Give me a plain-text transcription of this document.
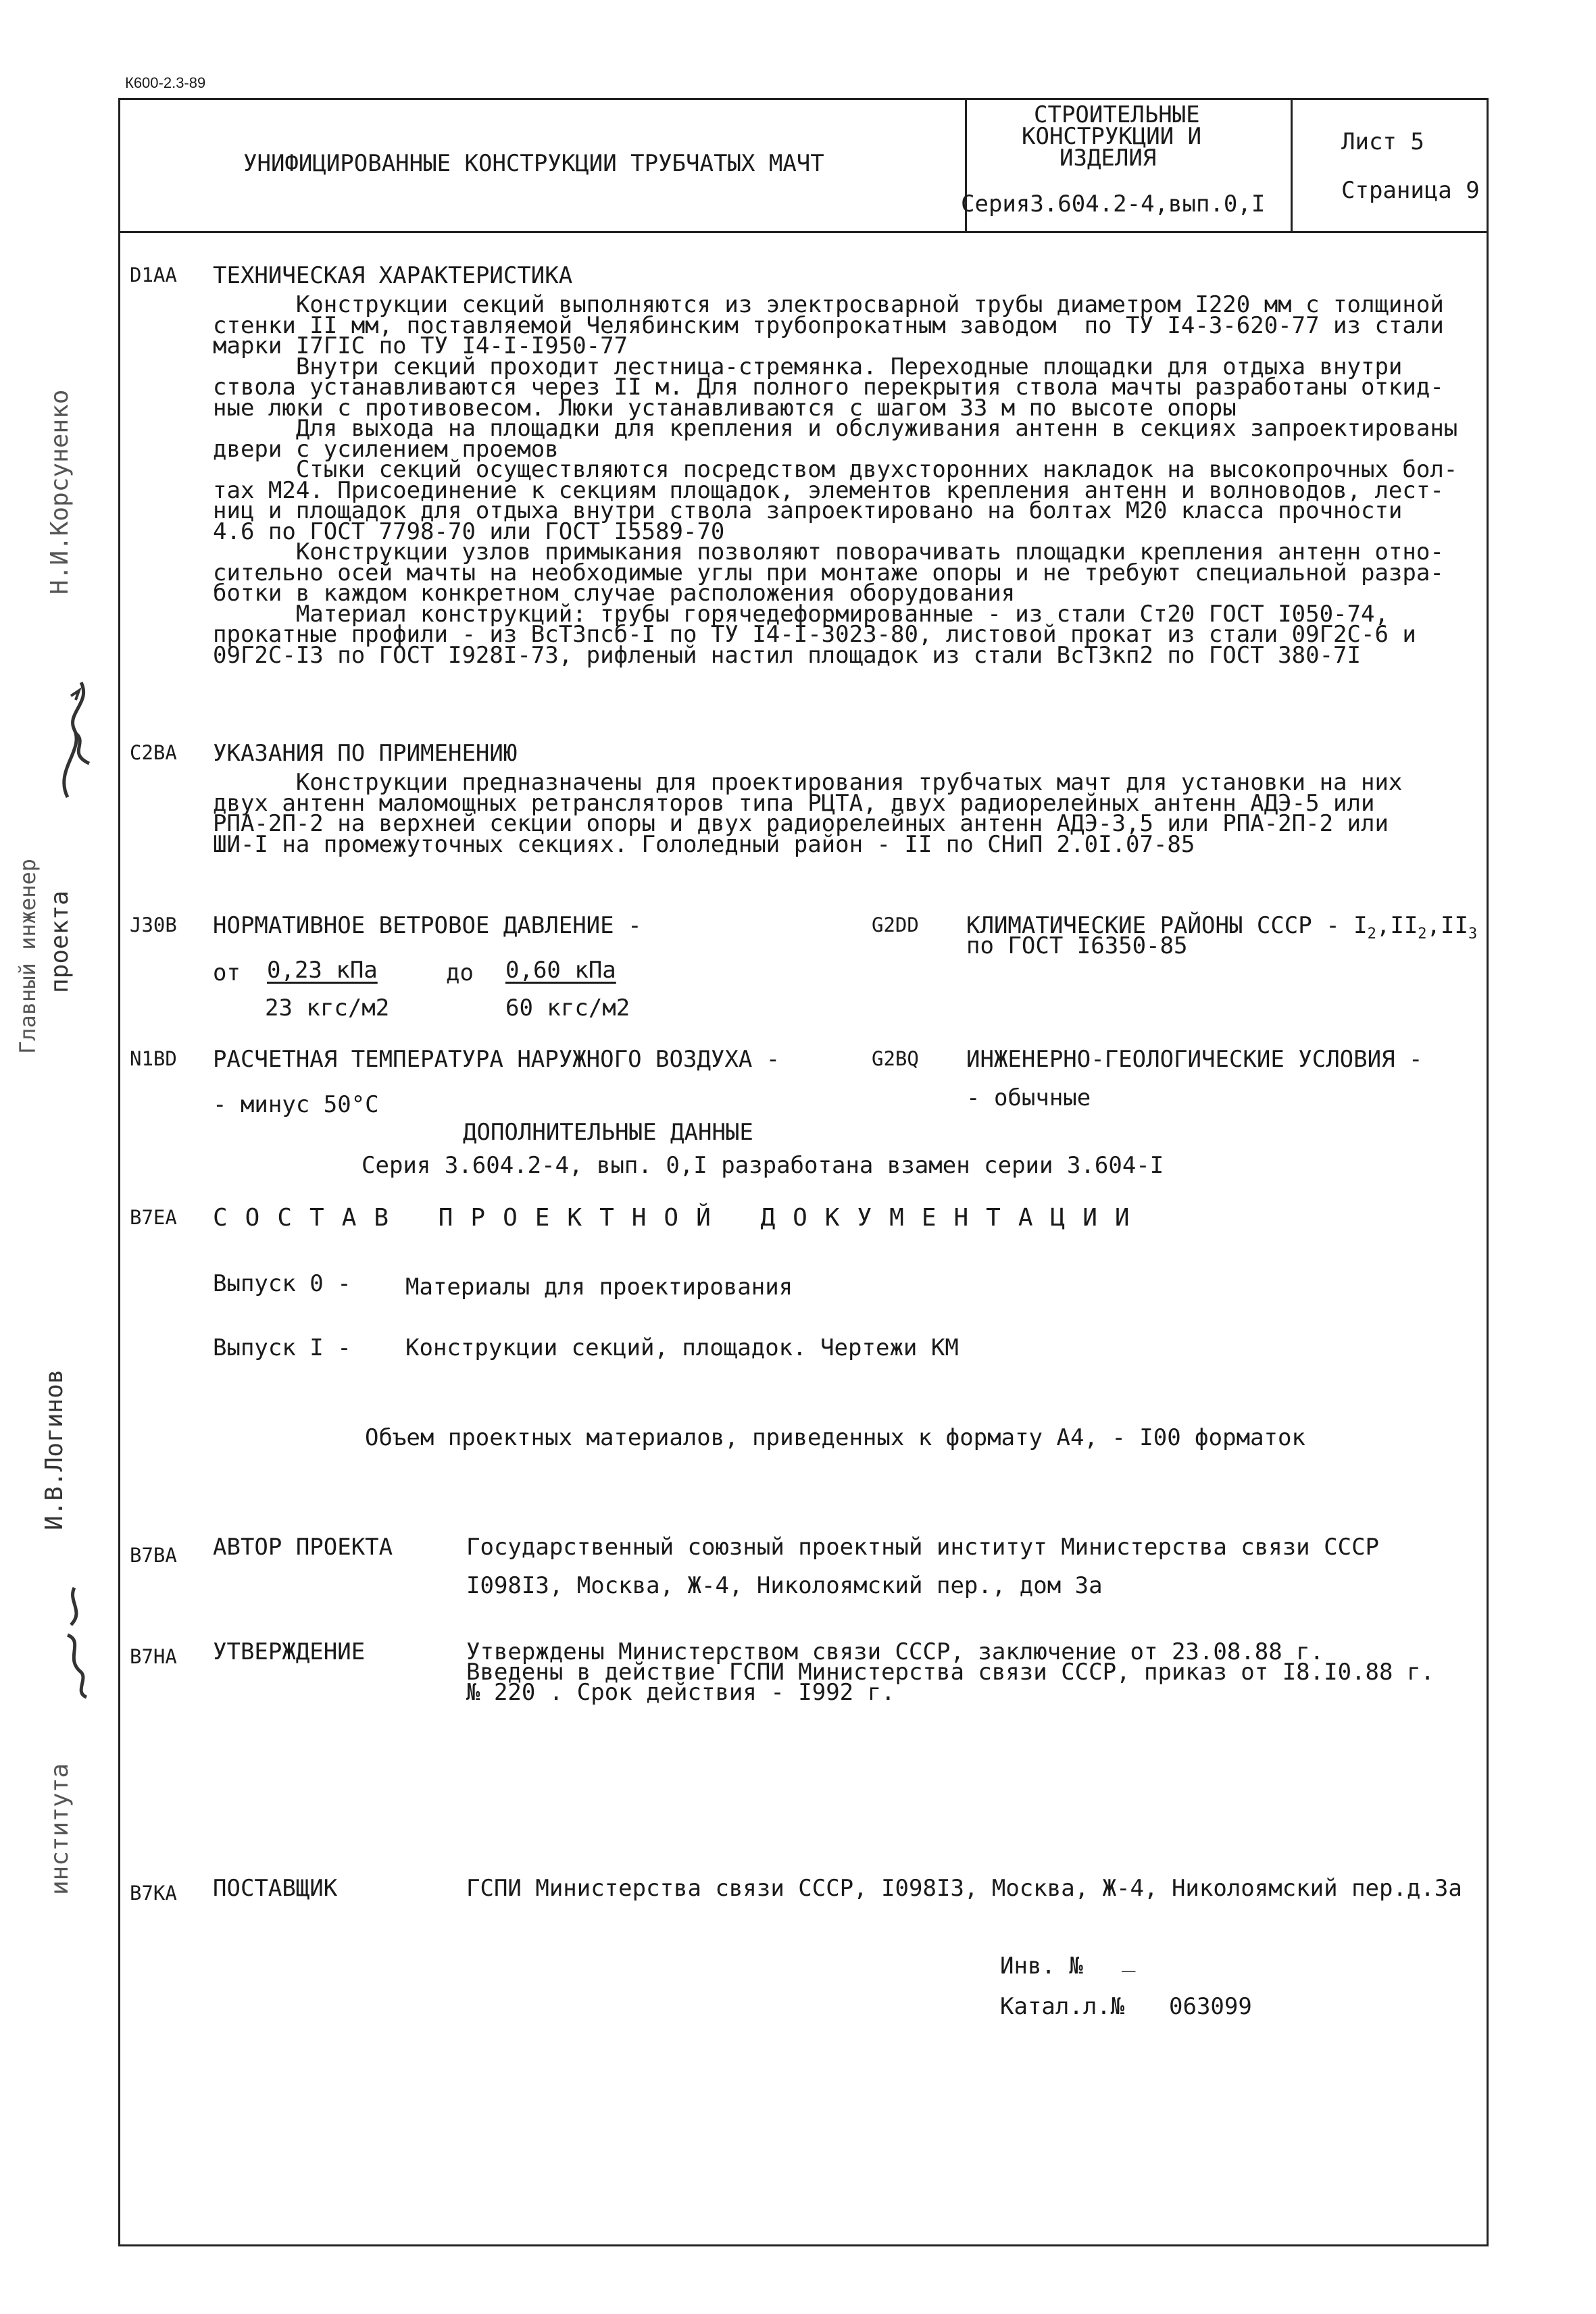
К600-2.3-89
УНИФИЦИРОВАННЫЕ КОНСТРУКЦИИ ТРУБЧАТЫХ МАЧТ
СТРОИТЕЛЬНЫЕ
КОНСТРУКЦИИ И
ИЗДЕЛИЯ
Серия3.604.2-4,вып.0,I
Лист 5
Страница 9
D1AA ТЕХНИЧЕСКАЯ ХАРАКТЕРИСТИКА
Конструкции секций выполняются из электросварной трубы диаметром I220 мм с толщиной
стенки II мм, поставляемой Челябинским трубопрокатным заводом  по ТУ I4-3-620-77 из стали
марки I7ГIС по ТУ I4-I-I950-77
Внутри секций проходит лестница-стремянка. Переходные площадки для отдыха внутри
ствола устанавливаются через II м. Для полного перекрытия ствола мачты разработаны откид-
ные люки с противовесом. Люки устанавливаются с шагом 33 м по высоте опоры
Для выхода на площадки для крепления и обслуживания антенн в секциях запроектированы
двери с усилением проемов
Стыки секций осуществляются посредством двухсторонних накладок на высокопрочных бол-
тах М24. Присоединение к секциям площадок, элементов крепления антенн и волноводов, лест-
ниц и площадок для отдыха внутри ствола запроектировано на болтах М20 класса прочности
4.6 по ГОСТ 7798-70 или ГОСТ I5589-70
Конструкции узлов примыкания позволяют поворачивать площадки крепления антенн отно-
сительно осей мачты на необходимые углы при монтаже опоры и не требуют специальной разра-
ботки в каждом конкретном случае расположения оборудования
Материал конструкций: трубы горячедеформированные - из стали Ст20 ГОСТ I050-74,
прокатные профили - из ВсТ3псб-I по ТУ I4-I-3023-80, листовой прокат из стали 09Г2С-6 и
09Г2С-I3 по ГОСТ I928I-73, рифленый настил площадок из стали ВсТ3кп2 по ГОСТ 380-7I
C2BA УКАЗАНИЯ ПО ПРИМЕНЕНИЮ
Конструкции предназначены для проектирования трубчатых мачт для установки на них
двух антенн маломощных ретрансляторов типа РЦТА, двух радиорелейных антенн АДЭ-5 или
РПА-2П-2 на верхней секции опоры и двух радиорелейных антенн АДЭ-3,5 или РПА-2П-2 или
ШИ-I на промежуточных секциях. Гололедный район - II по СНиП 2.0I.07-85
J30B НОРМАТИВНОЕ ВЕТРОВОЕ ДАВЛЕНИЕ -
от 0,23 кПа
23 кгс/м2
до 0,60 кПа
60 кгс/м2
G2DD КЛИМАТИЧЕСКИЕ РАЙОНЫ СССР - $I_2,II_2,II_3$
по ГОСТ I6350-85
N1BD РАСЧЕТНАЯ ТЕМПЕРАТУРА НАРУЖНОГО ВОЗДУХА -
- минус 50°C
G2BQ ИНЖЕНЕРНО-ГЕОЛОГИЧЕСКИЕ УСЛОВИЯ -
- обычные
ДОПОЛНИТЕЛЬНЫЕ ДАННЫЕ
Серия 3.604.2-4, вып. 0,I разработана взамен серии 3.604-I
B7EA СОСТАВ ПРОЕКТНОЙ ДОКУМЕНТАЦИИ
Выпуск 0 - Материалы для проектирования
Выпуск I - Конструкции секций, площадок. Чертежи КМ
Объем проектных материалов, приведенных к формату А4, - I00 форматок
B7BA АВТОР ПРОЕКТА	Государственный союзный проектный институт Министерства связи СССР
I098I3, Москва, Ж-4, Николоямский пер., дом 3а
B7HA УТВЕРЖДЕНИЕ	Утверждены Министерством связи СССР, заключение от 23.08.88 г.
Введены в действие ГСПИ Министерства связи СССР, приказ от I8.I0.88 г.
№ 220 . Срок действия - I992 г.
B7KA ПОСТАВЩИК	ГСПИ Министерства связи СССР, I098I3, Москва, Ж-4, Николоямский пер.д.3а
Инв. № _
Катал.л.№ 063099
Н.И.Корсуненко
Главный инженер проекта
И.В.Логинов
института
